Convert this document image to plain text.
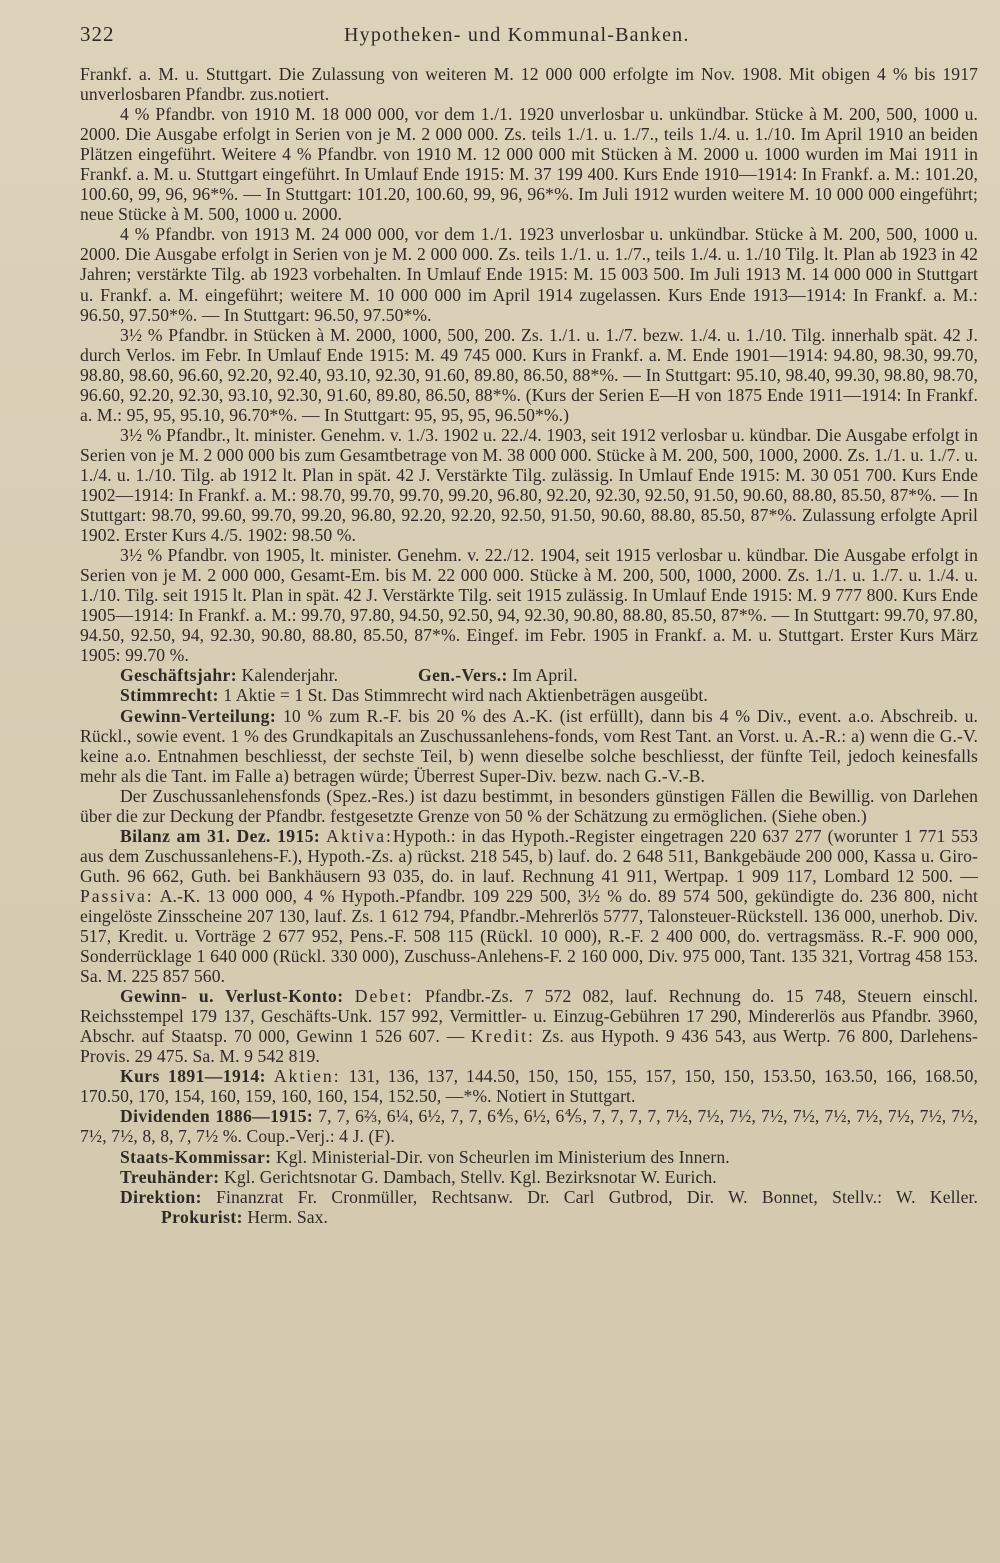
322	Hypotheken- und Kommunal-Banken.

Frankf. a. M. u. Stuttgart. Die Zulassung von weiteren M. 12 000 000 erfolgte im Nov. 1908. Mit obigen 4 % bis 1917 unverlosbaren Pfandbr. zus.notiert.

4 % Pfandbr. von 1910 M. 18 000 000, vor dem 1./1. 1920 unverlosbar u. unkündbar. Stücke à M. 200, 500, 1000 u. 2000. Die Ausgabe erfolgt in Serien von je M. 2 000 000. Zs. teils 1./1. u. 1./7., teils 1./4. u. 1./10. Im April 1910 an beiden Plätzen eingeführt. Weitere 4 % Pfandbr. von 1910 M. 12 000 000 mit Stücken à M. 2000 u. 1000 wurden im Mai 1911 in Frankf. a. M. u. Stuttgart eingeführt. In Umlauf Ende 1915: M. 37 199 400. Kurs Ende 1910—1914: In Frankf. a. M.: 101.20, 100.60, 99, 96, 96*%. — In Stuttgart: 101.20, 100.60, 99, 96, 96*%. Im Juli 1912 wurden weitere M. 10 000 000 eingeführt; neue Stücke à M. 500, 1000 u. 2000.

4 % Pfandbr. von 1913 M. 24 000 000, vor dem 1./1. 1923 unverlosbar u. unkündbar. Stücke à M. 200, 500, 1000 u. 2000. Die Ausgabe erfolgt in Serien von je M. 2 000 000. Zs. teils 1./1. u. 1./7., teils 1./4. u. 1./10 Tilg. lt. Plan ab 1923 in 42 Jahren; verstärkte Tilg. ab 1923 vorbehalten. In Umlauf Ende 1915: M. 15 003 500. Im Juli 1913 M. 14 000 000 in Stuttgart u. Frankf. a. M. eingeführt; weitere M. 10 000 000 im April 1914 zugelassen. Kurs Ende 1913—1914: In Frankf. a. M.: 96.50, 97.50*%. — In Stuttgart: 96.50, 97.50*%.

3½ % Pfandbr. in Stücken à M. 2000, 1000, 500, 200. Zs. 1./1. u. 1./7. bezw. 1./4. u. 1./10. Tilg. innerhalb spät. 42 J. durch Verlos. im Febr. In Umlauf Ende 1915: M. 49 745 000. Kurs in Frankf. a. M. Ende 1901—1914: 94.80, 98.30, 99.70, 98.80, 98.60, 96.60, 92.20, 92.40, 93.10, 92.30, 91.60, 89.80, 86.50, 88*%. — In Stuttgart: 95.10, 98.40, 99.30, 98.80, 98.70, 96.60, 92.20, 92.30, 93.10, 92.30, 91.60, 89.80, 86.50, 88*%. (Kurs der Serien E—H von 1875 Ende 1911—1914: In Frankf. a. M.: 95, 95, 95.10, 96.70*%. — In Stuttgart: 95, 95, 95, 96.50*%.)

3½ % Pfandbr., lt. minister. Genehm. v. 1./3. 1902 u. 22./4. 1903, seit 1912 verlosbar u. kündbar. Die Ausgabe erfolgt in Serien von je M. 2 000 000 bis zum Gesamtbetrage von M. 38 000 000. Stücke à M. 200, 500, 1000, 2000. Zs. 1./1. u. 1./7. u. 1./4. u. 1./10. Tilg. ab 1912 lt. Plan in spät. 42 J. Verstärkte Tilg. zulässig. In Umlauf Ende 1915: M. 30 051 700. Kurs Ende 1902—1914: In Frankf. a. M.: 98.70, 99.70, 99.70, 99.20, 96.80, 92.20, 92.30, 92.50, 91.50, 90.60, 88.80, 85.50, 87*%. — In Stuttgart: 98.70, 99.60, 99.70, 99.20, 96.80, 92.20, 92.20, 92.50, 91.50, 90.60, 88.80, 85.50, 87*%. Zulassung erfolgte April 1902. Erster Kurs 4./5. 1902: 98.50 %.

3½ % Pfandbr. von 1905, lt. minister. Genehm. v. 22./12. 1904, seit 1915 verlosbar u. kündbar. Die Ausgabe erfolgt in Serien von je M. 2 000 000, Gesamt-Em. bis M. 22 000 000. Stücke à M. 200, 500, 1000, 2000. Zs. 1./1. u. 1./7. u. 1./4. u. 1./10. Tilg. seit 1915 lt. Plan in spät. 42 J. Verstärkte Tilg. seit 1915 zulässig. In Umlauf Ende 1915: M. 9 777 800. Kurs Ende 1905—1914: In Frankf. a. M.: 99.70, 97.80, 94.50, 92.50, 94, 92.30, 90.80, 88.80, 85.50, 87*%. — In Stuttgart: 99.70, 97.80, 94.50, 92.50, 94, 92.30, 90.80, 88.80, 85.50, 87*%. Eingef. im Febr. 1905 in Frankf. a. M. u. Stuttgart. Erster Kurs März 1905: 99.70 %.

Geschäftsjahr: Kalenderjahr.	Gen.-Vers.: Im April.

Stimmrecht: 1 Aktie = 1 St. Das Stimmrecht wird nach Aktienbeträgen ausgeübt.

Gewinn-Verteilung: 10 % zum R.-F. bis 20 % des A.-K. (ist erfüllt), dann bis 4 % Div., event. a.o. Abschreib. u. Rückl., sowie event. 1 % des Grundkapitals an Zuschussanlehens-fonds, vom Rest Tant. an Vorst. u. A.-R.: a) wenn die G.-V. keine a.o. Entnahmen beschliesst, der sechste Teil, b) wenn dieselbe solche beschliesst, der fünfte Teil, jedoch keinesfalls mehr als die Tant. im Falle a) betragen würde; Überrest Super-Div. bezw. nach G.-V.-B.

Der Zuschussanlehensfonds (Spez.-Res.) ist dazu bestimmt, in besonders günstigen Fällen die Bewillig. von Darlehen über die zur Deckung der Pfandbr. festgesetzte Grenze von 50 % der Schätzung zu ermöglichen. (Siehe oben.)

Bilanz am 31. Dez. 1915: Aktiva:Hypoth.: in das Hypoth.-Register eingetragen 220 637 277 (worunter 1 771 553 aus dem Zuschussanlehens-F.), Hypoth.-Zs. a) rückst. 218 545, b) lauf. do. 2 648 511, Bankgebäude 200 000, Kassa u. Giro-Guth. 96 662, Guth. bei Bankhäusern 93 035, do. in lauf. Rechnung 41 911, Wertpap. 1 909 117, Lombard 12 500. — Passiva: A.-K. 13 000 000, 4 % Hypoth.-Pfandbr. 109 229 500, 3½ % do. 89 574 500, gekündigte do. 236 800, nicht eingelöste Zinsscheine 207 130, lauf. Zs. 1 612 794, Pfandbr.-Mehrerlös 5777, Talonsteuer-Rückstell. 136 000, unerhob. Div. 517, Kredit. u. Vorträge 2 677 952, Pens.-F. 508 115 (Rückl. 10 000), R.-F. 2 400 000, do. vertragsmäss. R.-F. 900 000, Sonderrücklage 1 640 000 (Rückl. 330 000), Zuschuss-Anlehens-F. 2 160 000, Div. 975 000, Tant. 135 321, Vortrag 458 153. Sa. M. 225 857 560.

Gewinn- u. Verlust-Konto: Debet: Pfandbr.-Zs. 7 572 082, lauf. Rechnung do. 15 748, Steuern einschl. Reichsstempel 179 137, Geschäfts-Unk. 157 992, Vermittler- u. Einzug-Gebühren 17 290, Mindererlös aus Pfandbr. 3960, Abschr. auf Staatsp. 70 000, Gewinn 1 526 607. — Kredit: Zs. aus Hypoth. 9 436 543, aus Wertp. 76 800, Darlehens-Provis. 29 475. Sa. M. 9 542 819.

Kurs 1891—1914: Aktien: 131, 136, 137, 144.50, 150, 150, 155, 157, 150, 150, 153.50, 163.50, 166, 168.50, 170.50, 170, 154, 160, 159, 160, 160, 154, 152.50, —*%. Notiert in Stuttgart.

Dividenden 1886—1915: 7, 7, 6⅔, 6¼, 6½, 7, 7, 6⅘, 6½, 6⅘, 7, 7, 7, 7, 7½, 7½, 7½, 7½, 7½, 7½, 7½, 7½, 7½, 7½, 7½, 7½, 8, 8, 7, 7½ %. Coup.-Verj.: 4 J. (F).

Staats-Kommissar: Kgl. Ministerial-Dir. von Scheurlen im Ministerium des Innern.

Treuhänder: Kgl. Gerichtsnotar G. Dambach, Stellv. Kgl. Bezirksnotar W. Eurich.

Direktion: Finanzrat Fr. Cronmüller, Rechtsanw. Dr. Carl Gutbrod, Dir. W. Bonnet, Stellv.: W. Keller.                   Prokurist: Herm. Sax.
